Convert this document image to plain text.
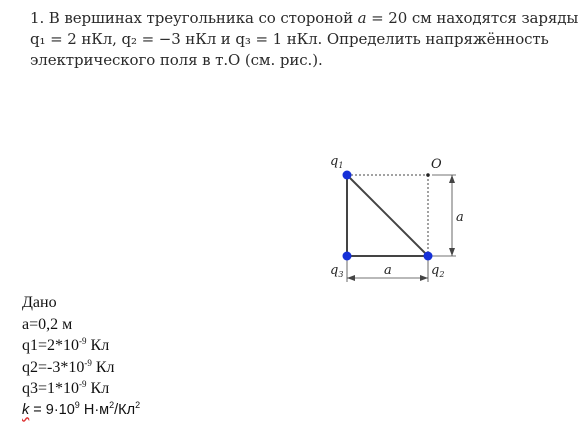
1. В вершинах треугольника со стороной a = 20 см находятся заряды
q₁ = 2 нКл, q₂ = −3 нКл и q₃ = 1 нКл. Определить напряжённость
электрического поля в т.О (см. рис.).
$q_1$	O
a
$q_3$	$q_2$
a
Дано
a=0,2 м
$q1=2*10^{-9}$ Кл
$q2=-3*10^{-9}$ Кл
$q3=1*10^{-9}$ Кл
$k = 9\cdot 10^9$ $Н\cdot м^2/Кл^2$
